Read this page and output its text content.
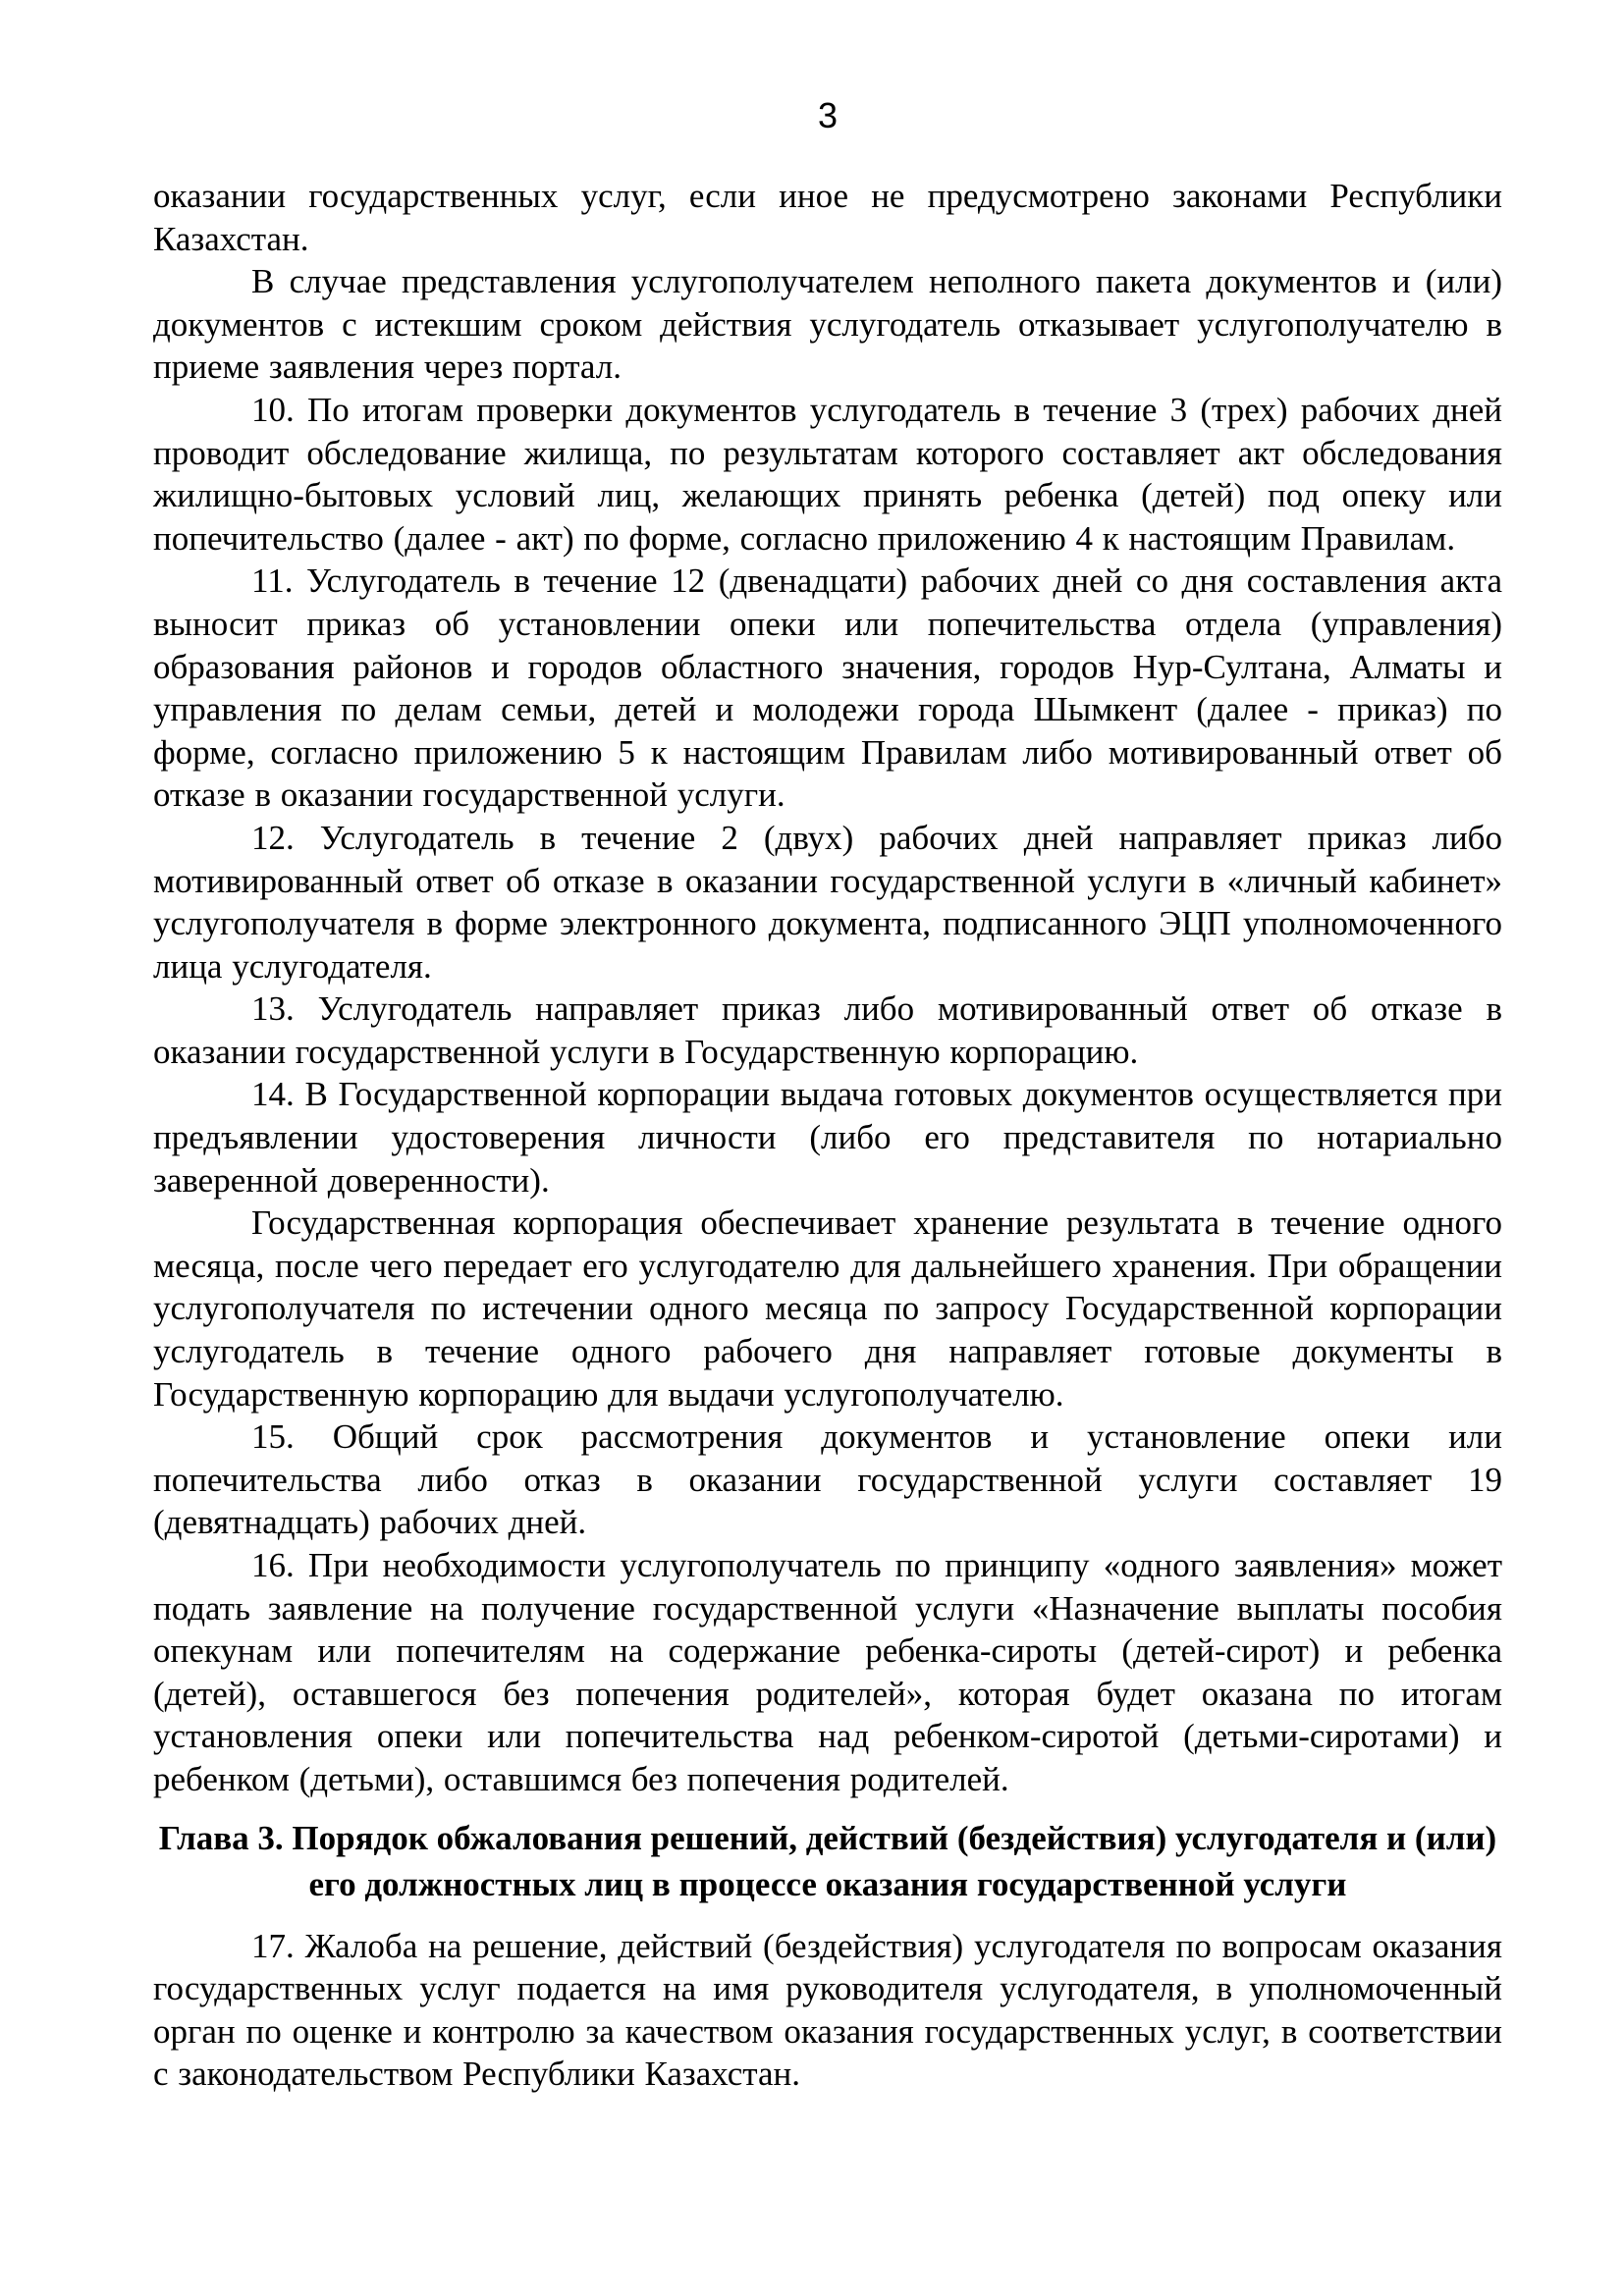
3

оказании государственных услуг, если иное не предусмотрено законами Республики Казахстан.

В случае представления услугополучателем неполного пакета документов и (или) документов с истекшим сроком действия услугодатель отказывает услугополучателю в приеме заявления через портал.

10. По итогам проверки документов услугодатель в течение 3 (трех) рабочих дней проводит обследование жилища, по результатам которого составляет акт обследования жилищно-бытовых условий лиц, желающих принять ребенка (детей) под опеку или попечительство (далее - акт) по форме, согласно приложению 4 к настоящим Правилам.

11. Услугодатель в течение 12 (двенадцати) рабочих дней со дня составления акта выносит приказ об установлении опеки или попечительства отдела (управления) образования районов и городов областного значения, городов Нур-Султана, Алматы и управления по делам семьи, детей и молодежи города Шымкент (далее - приказ) по форме, согласно приложению 5 к настоящим Правилам либо мотивированный ответ об отказе в оказании государственной услуги.

12. Услугодатель в течение 2 (двух) рабочих дней направляет приказ либо мотивированный ответ об отказе в оказании государственной услуги в «личный кабинет» услугополучателя в форме электронного документа, подписанного ЭЦП уполномоченного лица услугодателя.

13. Услугодатель направляет приказ либо мотивированный ответ об отказе в оказании государственной услуги в Государственную корпорацию.

14. В Государственной корпорации выдача готовых документов осуществляется при предъявлении удостоверения личности (либо его представителя по нотариально заверенной доверенности).

Государственная корпорация обеспечивает хранение результата в течение одного месяца, после чего передает его услугодателю для дальнейшего хранения. При обращении услугополучателя по истечении одного месяца по запросу Государственной корпорации услугодатель в течение одного рабочего дня направляет готовые документы в Государственную корпорацию для выдачи услугополучателю.

15. Общий срок рассмотрения документов и установление опеки или попечительства либо отказ в оказании государственной услуги составляет 19 (девятнадцать) рабочих дней.

16. При необходимости услугополучатель по принципу «одного заявления» может подать заявление на получение государственной услуги «Назначение выплаты пособия опекунам или попечителям на содержание ребенка-сироты (детей-сирот) и ребенка (детей), оставшегося без попечения родителей», которая будет оказана по итогам установления опеки или попечительства над ребенком-сиротой (детьми-сиротами) и ребенком (детьми), оставшимся без попечения родителей.

Глава 3. Порядок обжалования решений, действий (бездействия) услугодателя и (или) его должностных лиц в процессе оказания государственной услуги

17. Жалоба на решение, действий (бездействия) услугодателя по вопросам оказания государственных услуг подается на имя руководителя услугодателя, в уполномоченный орган по оценке и контролю за качеством оказания государственных услуг, в соответствии с законодательством Республики Казахстан.
